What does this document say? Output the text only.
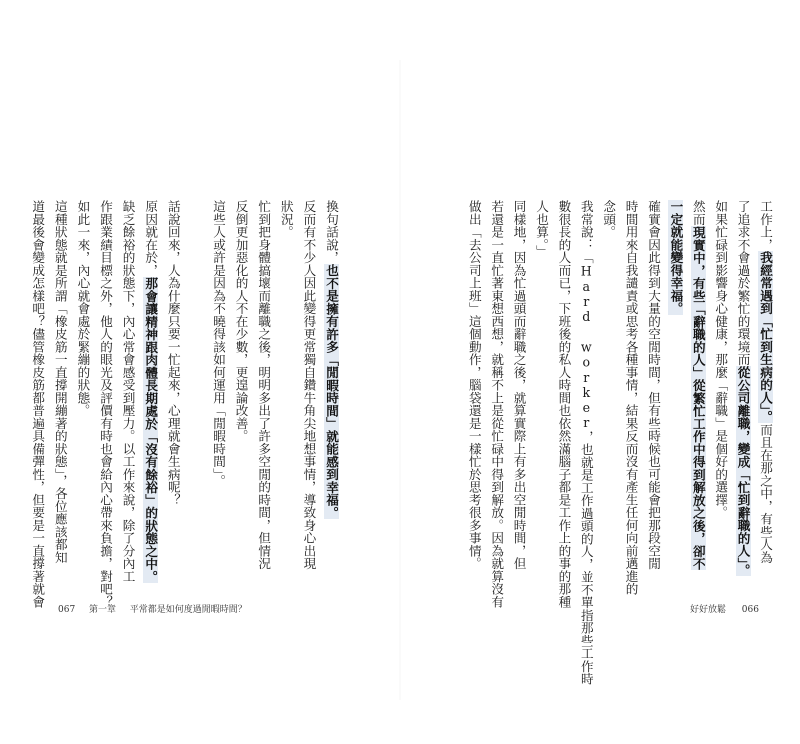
067 第一章 平常都是如何度過閒暇時間？
換句話說，也不是擁有許多「閒暇時間」就能感到幸福。
反而有不少人因此變得更常獨自鑽牛角尖地想事情，導致身心出現
狀況。
忙到把身體搞壞而離職之後，明明多出了許多空閒的時間，但情況
反倒更加惡化的人不在少數，更遑論改善。
這些人或許是因為不曉得該如何運用「閒暇時間」。
話說回來，人為什麼只要一忙起來，心理就會生病呢？
原因就在於，那會讓精神跟肉體長期處於「沒有餘裕」的狀態之中。
缺乏餘裕的狀態下，內心常會感受到壓力。以工作來說，除了分內工
作跟業績目標之外，他人的眼光及評價有時也會給內心帶來負擔，對吧？
如此一來，內心就會處於緊繃的狀態。
這種狀態就是所謂「橡皮筋一直撐開繃著的狀態」，各位應該都知
道最後會變成怎樣吧？儘管橡皮筋都普遍具備彈性，但要是一直撐著就會
好好放鬆 066
工作上，我經常遇到「忙到生病的人」。而且在那之中，有些人為
了追求不會過於繁忙的環境而從公司離職，變成「忙到辭職的人」。
如果忙碌到影響身心健康，那麼「辭職」是個好的選擇。
然而現實中，有些「辭職的人」從繁忙工作中得到解放之後，卻不
一定就能變得幸福。
確實會因此得到大量的空閒時間，但有些時候也可能會把那段空閒
時間用來自我譴責或思考各種事情，結果反而沒有產生任何向前邁進的
念頭。
我常說：「Hard worker，也就是工作過頭的人，並不單指那些工作時
數很長的人而已，下班後的私人時間也依然滿腦子都是工作上的事的那種
人也算。」
同樣地，因為忙過頭而辭職之後，就算實際上有多出空閒時間，但
若還是一直忙著東想西想，就稱不上是從忙碌中得到解放。因為就算沒有
做出「去公司上班」這個動作，腦袋還是一樣忙於思考很多事情。
